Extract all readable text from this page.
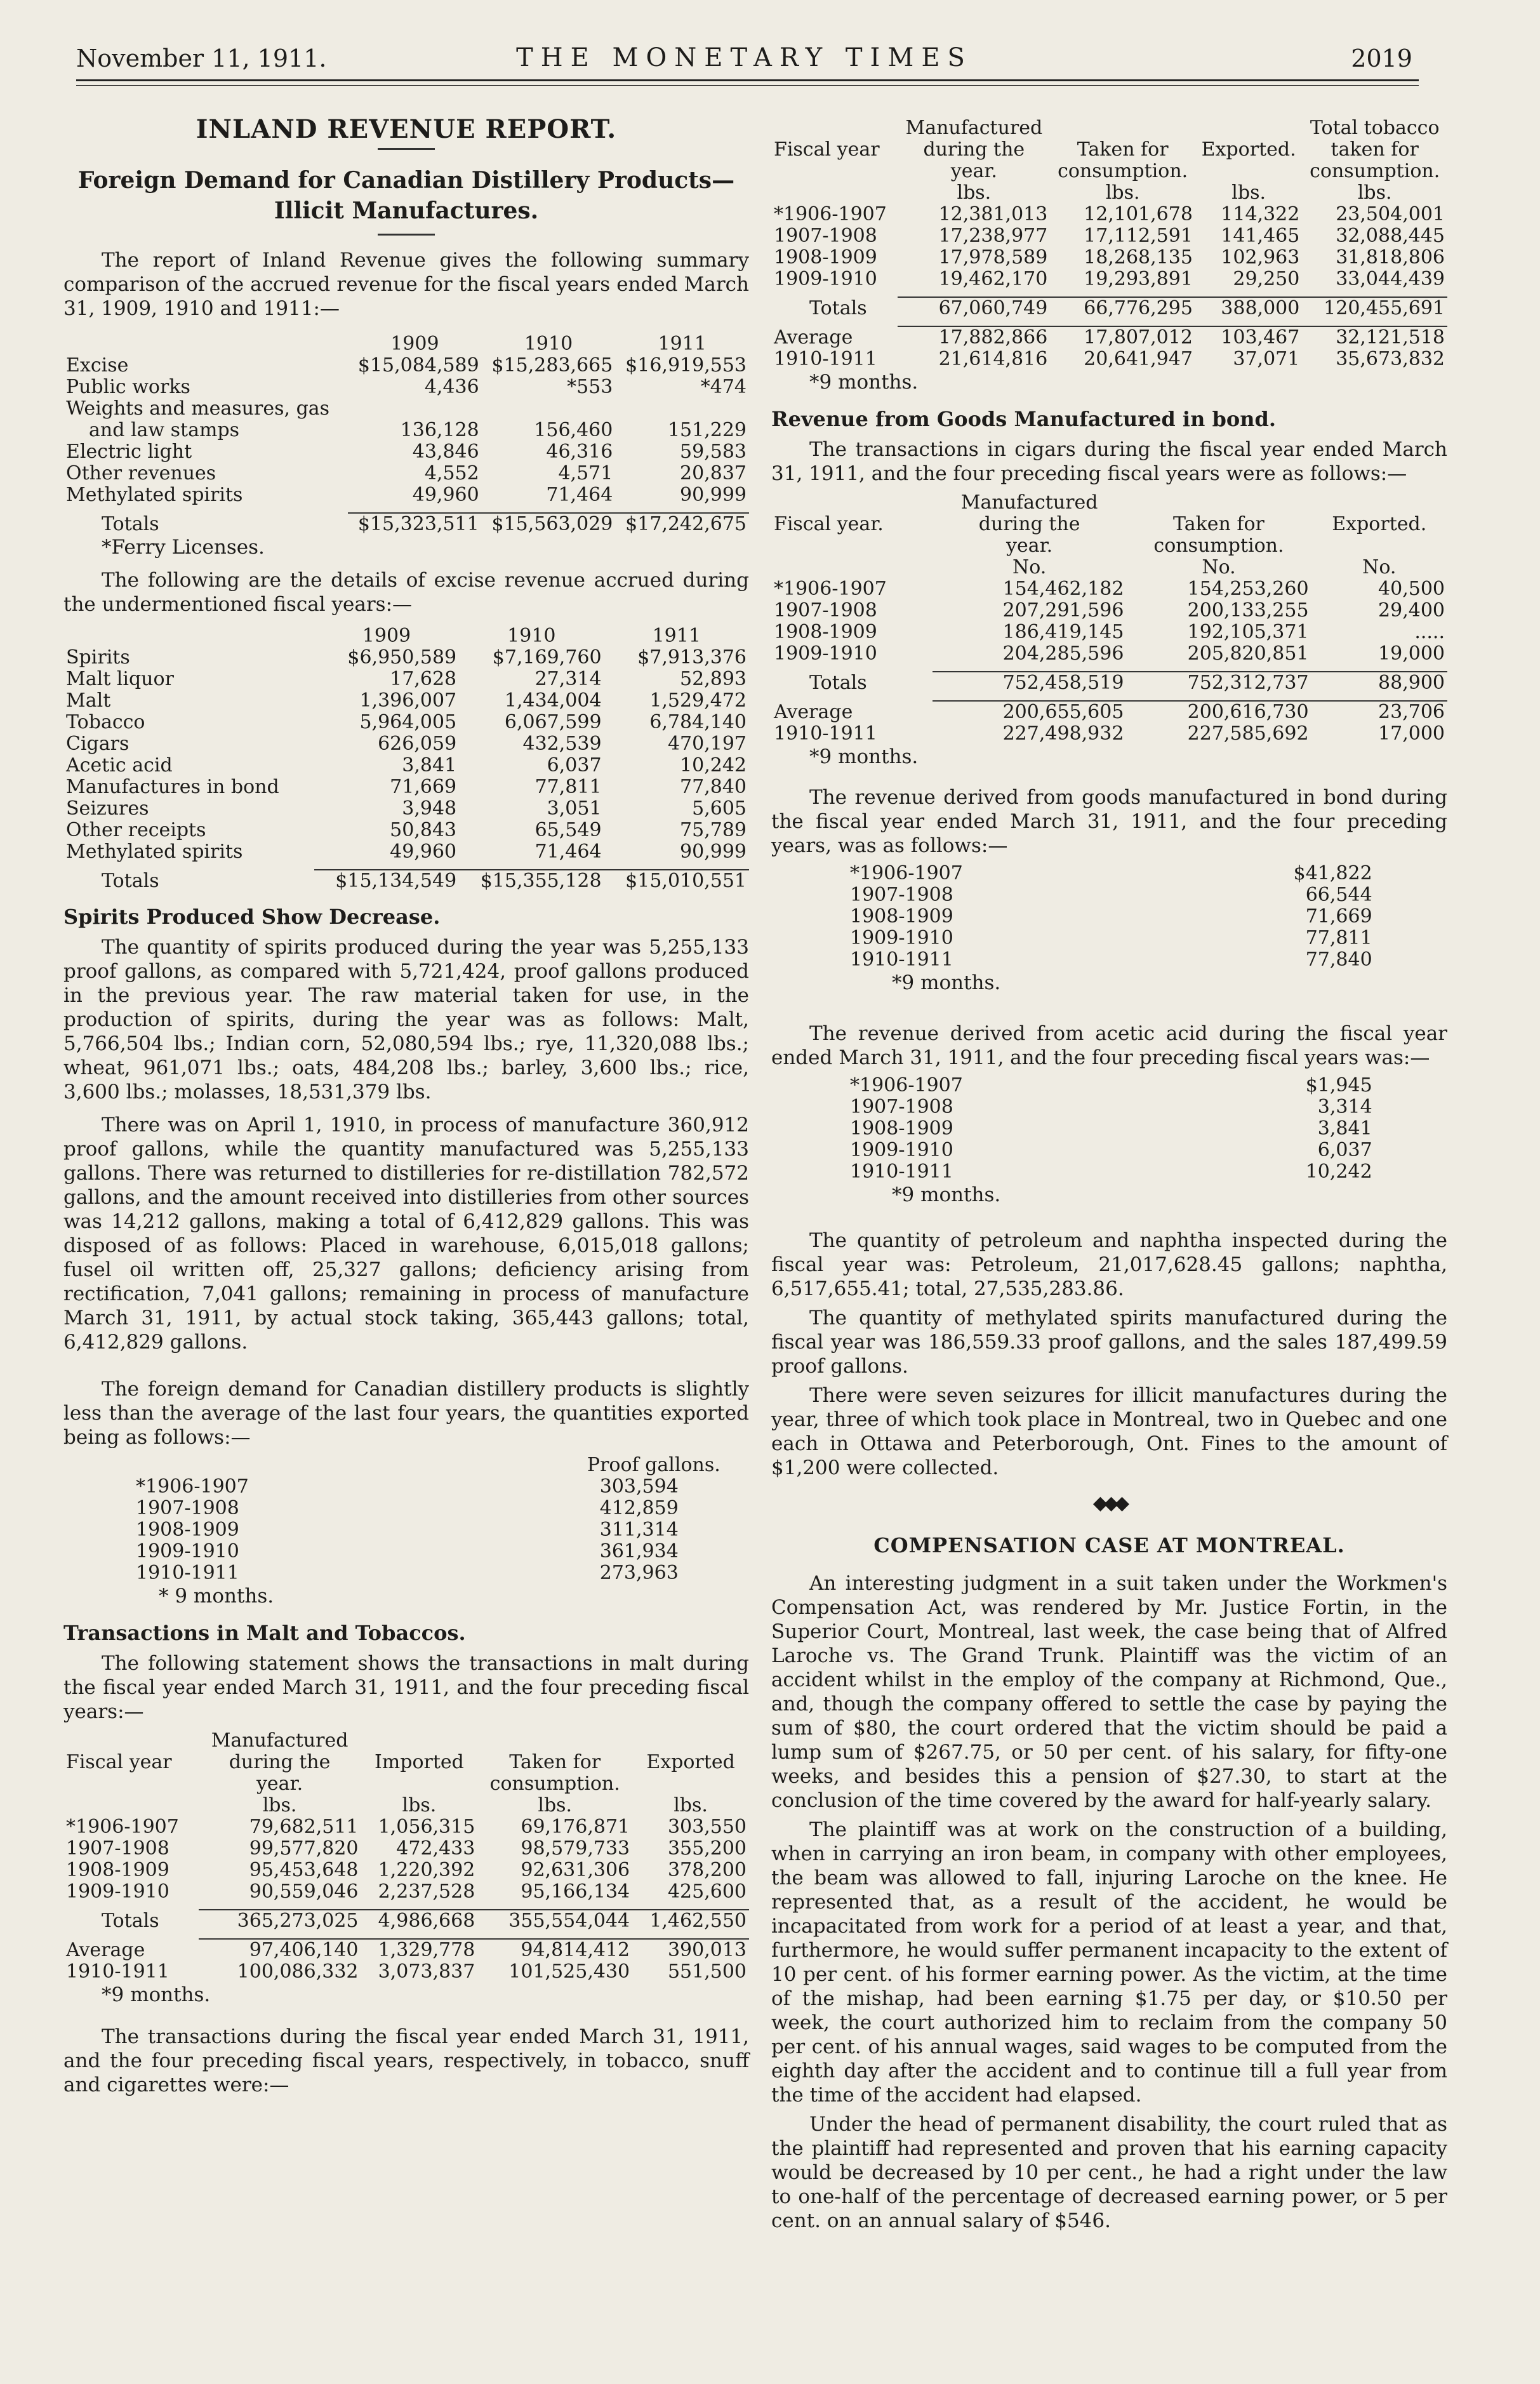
November 11, 1911.	THE MONETARY TIMES	2019
INLAND REVENUE REPORT.
Foreign Demand for Canadian Distillery Products—
Illicit Manufactures.

The report of Inland Revenue gives the following summary comparison of the accrued revenue for the fiscal years ended March 31, 1909, 1910 and 1911:—

	1909	1910	1911
Excise	$15,084,589	$15,283,665	$16,919,553
Public works	4,436	*553	*474
Weights and measures, gas			
and law stamps	136,128	156,460	151,229
Electric light	43,846	46,316	59,583
Other revenues	4,552	4,571	20,837
Methylated spirits	49,960	71,464	90,999

Totals	$15,323,511	$15,563,029	$17,242,675
*Ferry Licenses.

The following are the details of excise revenue accrued during the undermentioned fiscal years:—

	1909	1910	1911
Spirits	$6,950,589	$7,169,760	$7,913,376
Malt liquor	17,628	27,314	52,893
Malt	1,396,007	1,434,004	1,529,472
Tobacco	5,964,005	6,067,599	6,784,140
Cigars	626,059	432,539	470,197
Acetic acid	3,841	6,037	10,242
Manufactures in bond	71,669	77,811	77,840
Seizures	3,948	3,051	5,605
Other receipts	50,843	65,549	75,789
Methylated spirits	49,960	71,464	90,999

Totals	$15,134,549	$15,355,128	$15,010,551
Spirits Produced Show Decrease.

The quantity of spirits produced during the year was 5,255,133 proof gallons, as compared with 5,721,424, proof gallons produced in the previous year. The raw material taken for use, in the production of spirits, during the year was as follows: Malt, 5,766,504 lbs.; Indian corn, 52,080,594 lbs.; rye, 11,320,088 lbs.; wheat, 961,071 lbs.; oats, 484,208 lbs.; barley, 3,600 lbs.; rice, 3,600 lbs.; molasses, 18,531,379 lbs.

There was on April 1, 1910, in process of manufacture 360,912 proof gallons, while the quantity manufactured was 5,255,133 gallons. There was returned to distilleries for re-distillation 782,572 gallons, and the amount received into distilleries from other sources was 14,212 gallons, making a total of 6,412,829 gallons. This was disposed of as follows: Placed in warehouse, 6,015,018 gallons; fusel oil written off, 25,327 gallons; deficiency arising from rectification, 7,041 gallons; remaining in process of manufacture March 31, 1911, by actual stock taking, 365,443 gallons; total, 6,412,829 gallons.

The foreign demand for Canadian distillery products is slightly less than the average of the last four years, the quantities exported being as follows:—

	Proof gallons.
*1906-1907	303,594
1907-1908	412,859
1908-1909	311,314
1909-1910	361,934
1910-1911	273,963
* 9 months.
Transactions in Malt and Tobaccos.

The following statement shows the transactions in malt during the fiscal year ended March 31, 1911, and the four preceding fiscal years:—

	Manufactured			
Fiscal year	during the	Imported	Taken for	Exported
	year.		consumption.	
	lbs.	lbs.	lbs.	lbs.
*1906-1907	79,682,511	1,056,315	69,176,871	303,550
1907-1908	99,577,820	472,433	98,579,733	355,200
1908-1909	95,453,648	1,220,392	92,631,306	378,200
1909-1910	90,559,046	2,237,528	95,166,134	425,600

Totals	365,273,025	4,986,668	355,554,044	1,462,550

Average	97,406,140	1,329,778	94,814,412	390,013
1910-1911	100,086,332	3,073,837	101,525,430	551,500
*9 months.

The transactions during the fiscal year ended March 31, 1911, and the four preceding fiscal years, respectively, in tobacco, snuff and cigarettes were:—

	Manufactured			Total tobacco
Fiscal year	during the	Taken for	Exported.	taken for
	year.	consumption.		consumption.
	lbs.	lbs.	lbs.	lbs.
*1906-1907	12,381,013	12,101,678	114,322	23,504,001
1907-1908	17,238,977	17,112,591	141,465	32,088,445
1908-1909	17,978,589	18,268,135	102,963	31,818,806
1909-1910	19,462,170	19,293,891	29,250	33,044,439

Totals	67,060,749	66,776,295	388,000	120,455,691

Average	17,882,866	17,807,012	103,467	32,121,518
1910-1911	21,614,816	20,641,947	37,071	35,673,832
*9 months.
Revenue from Goods Manufactured in bond.

The transactions in cigars during the fiscal year ended March 31, 1911, and the four preceding fiscal years were as follows:—

	Manufactured		
Fiscal year.	during the	Taken for	Exported.
	year.	consumption.	
	No.	No.	No.
*1906-1907	154,462,182	154,253,260	40,500
1907-1908	207,291,596	200,133,255	29,400
1908-1909	186,419,145	192,105,371	.....
1909-1910	204,285,596	205,820,851	19,000

Totals	752,458,519	752,312,737	88,900

Average	200,655,605	200,616,730	23,706
1910-1911	227,498,932	227,585,692	17,000
*9 months.

The revenue derived from goods manufactured in bond during the fiscal year ended March 31, 1911, and the four preceding years, was as follows:—

*1906-1907	$41,822
1907-1908	66,544
1908-1909	71,669
1909-1910	77,811
1910-1911	77,840
*9 months.

The revenue derived from acetic acid during the fiscal year ended March 31, 1911, and the four preceding fiscal years was:—

*1906-1907	$1,945
1907-1908	3,314
1908-1909	3,841
1909-1910	6,037
1910-1911	10,242
*9 months.

The quantity of petroleum and naphtha inspected during the fiscal year was: Petroleum, 21,017,628.45 gallons; naphtha, 6,517,655.41; total, 27,535,283.86.

The quantity of methylated spirits manufactured during the fiscal year was 186,559.33 proof gallons, and the sales 187,499.59 proof gallons.

There were seven seizures for illicit manufactures during the year, three of which took place in Montreal, two in Quebec and one each in Ottawa and Peterborough, Ont. Fines to the amount of $1,200 were collected.

◆◆◆
COMPENSATION CASE AT MONTREAL.

An interesting judgment in a suit taken under the Workmen's Compensation Act, was rendered by Mr. Justice Fortin, in the Superior Court, Montreal, last week, the case being that of Alfred Laroche vs. The Grand Trunk. Plaintiff was the victim of an accident whilst in the employ of the company at Richmond, Que., and, though the company offered to settle the case by paying the sum of $80, the court ordered that the victim should be paid a lump sum of $267.75, or 50 per cent. of his salary, for fifty-one weeks, and besides this a pension of $27.30, to start at the conclusion of the time covered by the award for half-yearly salary.

The plaintiff was at work on the construction of a building, when in carrying an iron beam, in company with other employees, the beam was allowed to fall, injuring Laroche on the knee. He represented that, as a result of the accident, he would be incapacitated from work for a period of at least a year, and that, furthermore, he would suffer permanent incapacity to the extent of 10 per cent. of his former earning power. As the victim, at the time of the mishap, had been earning $1.75 per day, or $10.50 per week, the court authorized him to reclaim from the company 50 per cent. of his annual wages, said wages to be computed from the eighth day after the accident and to continue till a full year from the time of the accident had elapsed.

Under the head of permanent disability, the court ruled that as the plaintiff had represented and proven that his earning capacity would be decreased by 10 per cent., he had a right under the law to one-half of the percentage of decreased earning power, or 5 per cent. on an annual salary of $546.
